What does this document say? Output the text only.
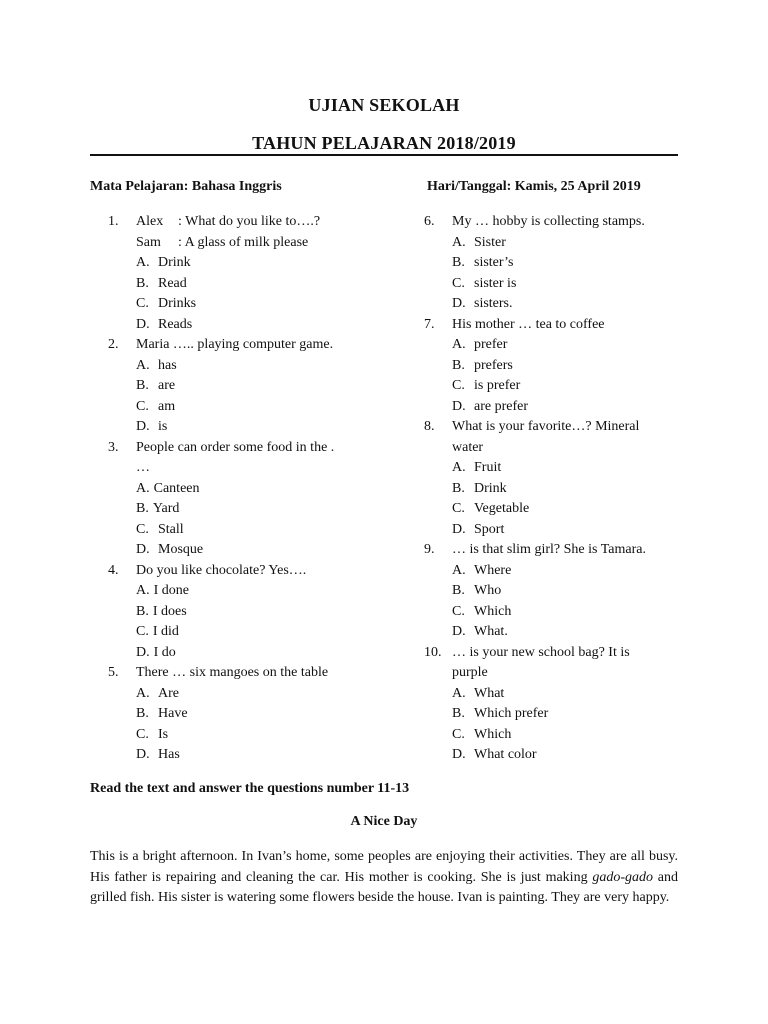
UJIAN SEKOLAH
TAHUN PELAJARAN 2018/2019
Mata Pelajaran: Bahasa Inggris	Hari/Tanggal: Kamis, 25 April 2019
1. Alex : What do you like to….?
Sam : A glass of milk please
A. Drink
B. Read
C. Drinks
D. Reads
2. Maria ….. playing computer game.
A. has
B. are
C. am
D. is
3. People can order some food in the .
…
A. Canteen
B. Yard
C. Stall
D. Mosque
4. Do you like chocolate? Yes….
A. I done
B. I does
C. I did
D. I do
5. There … six mangoes on the table
A. Are
B. Have
C. Is
D. Has
6. My … hobby is collecting stamps.
A. Sister
B. sister’s
C. sister is
D. sisters.
7. His mother … tea to coffee
A. prefer
B. prefers
C. is prefer
D. are prefer
8. What is your favorite…? Mineral
water
A. Fruit
B. Drink
C. Vegetable
D. Sport
9. … is that slim girl? She is Tamara.
A. Where
B. Who
C. Which
D. What.
10. … is your new school bag? It is
purple
A. What
B. Which prefer
C. Which
D. What color
Read the text and answer the questions number 11-13
A Nice Day

This is a bright afternoon. In Ivan’s home, some peoples are enjoying their activities. They are all busy. His father is repairing and cleaning the car. His mother is cooking. She is just making gado-gado and grilled fish. His sister is watering some flowers beside the house. Ivan is painting. They are very happy.
